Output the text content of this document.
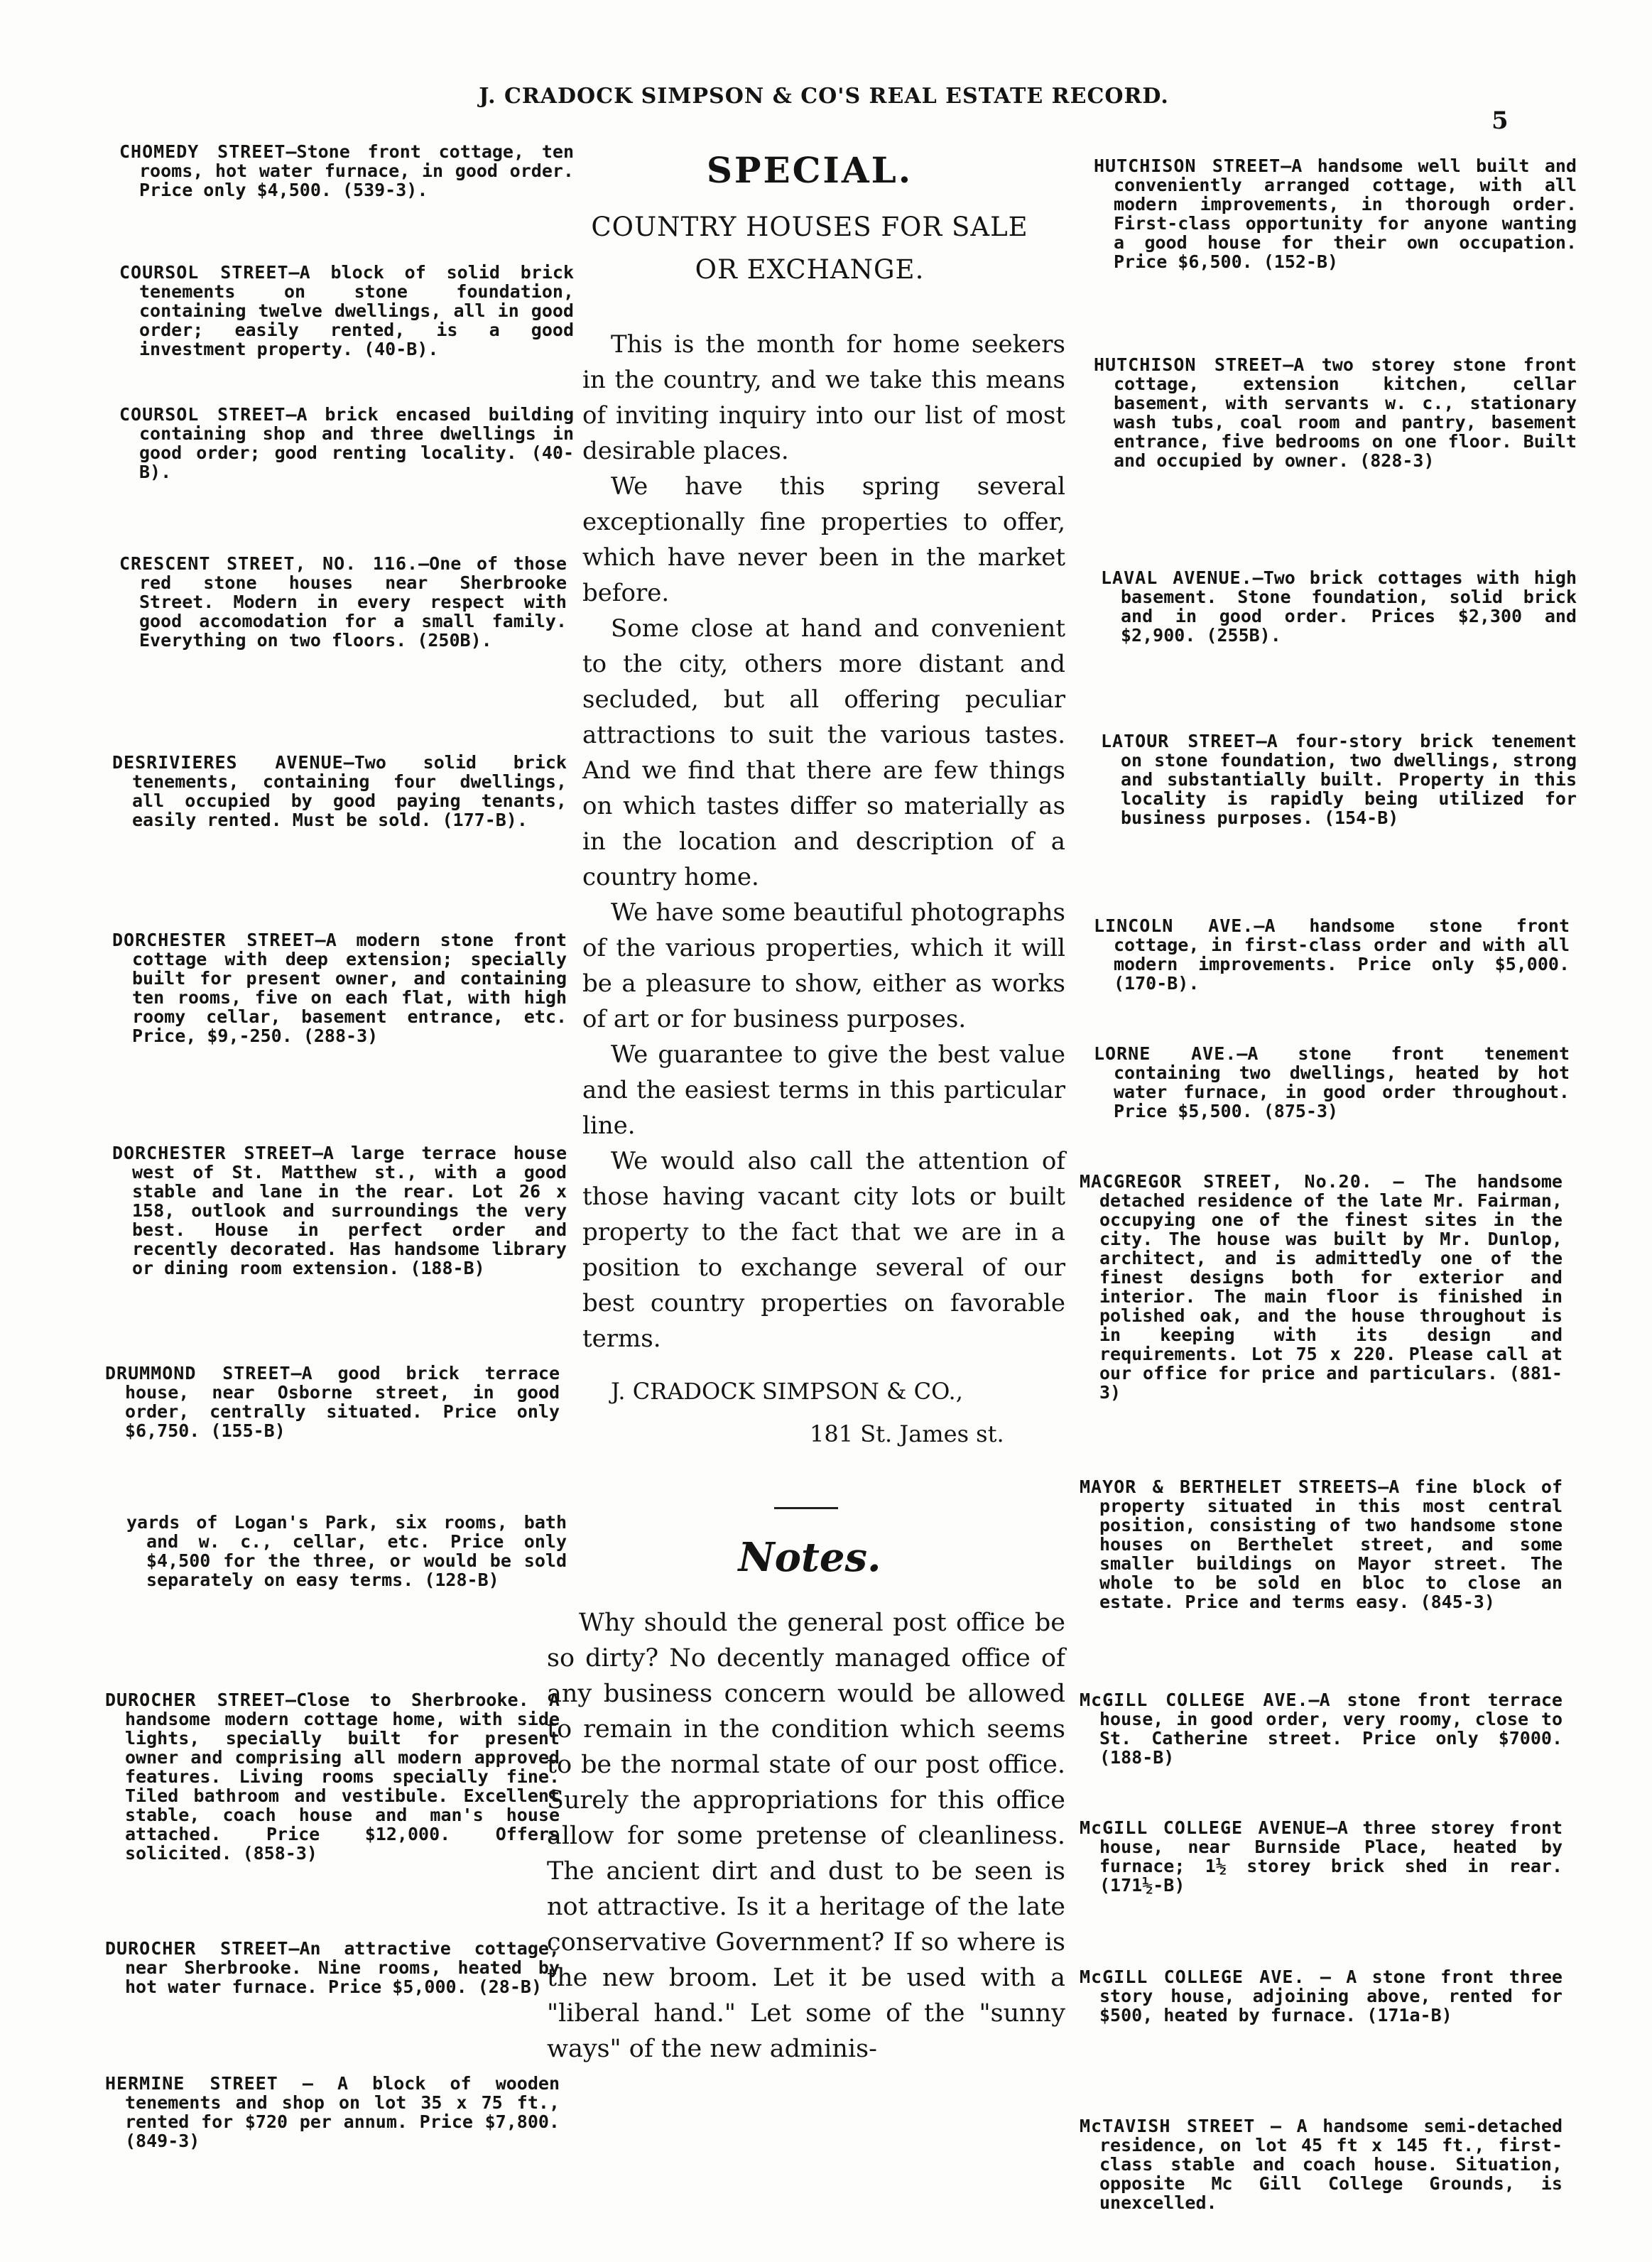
J. CRADOCK SIMPSON & CO'S REAL ESTATE RECORD.
5

CHOMEDY STREET—Stone front cottage, ten rooms, hot water furnace, in good order. Price only $4,500. (539-3).

COURSOL STREET—A block of solid brick tenements on stone foundation, containing twelve dwellings, all in good order; easily rented, is a good investment property. (40-B).

COURSOL STREET—A brick encased building containing shop and three dwellings in good order; good renting locality. (40-B).

CRESCENT STREET, NO. 116.—One of those red stone houses near Sherbrooke Street. Modern in every respect with good accomodation for a small family. Everything on two floors. (250B).

DESRIVIERES AVENUE—Two solid brick tenements, containing four dwellings, all occupied by good paying tenants, easily rented. Must be sold. (177-B).

DORCHESTER STREET—A modern stone front cottage with deep extension; specially built for present owner, and containing ten rooms, five on each flat, with high roomy cellar, basement entrance, etc. Price, $9,-250. (288-3)

DORCHESTER STREET—A large terrace house west of St. Matthew st., with a good stable and lane in the rear. Lot 26 x 158, outlook and surroundings the very best. House in perfect order and recently decorated. Has handsome library or dining room extension. (188-B)

DRUMMOND STREET—A good brick terrace house, near Osborne street, in good order, centrally situated. Price only $6,750. (155-B)

yards of Logan's Park, six rooms, bath and w. c., cellar, etc. Price only $4,500 for the three, or would be sold separately on easy terms. (128-B)

DUROCHER STREET—Close to Sherbrooke. A handsome modern cottage home, with side lights, specially built for present owner and comprising all modern approved features. Living rooms specially fine. Tiled bathroom and vestibule. Excellent stable, coach house and man's house attached. Price $12,000. Offers solicited. (858-3)

DUROCHER STREET—An attractive cottage, near Sherbrooke. Nine rooms, heated by hot water furnace. Price $5,000. (28-B)

HERMINE STREET — A block of wooden tenements and shop on lot 35 x 75 ft., rented for $720 per annum. Price $7,800. (849-3)

SPECIAL.
COUNTRY HOUSES FOR SALE
OR EXCHANGE.

This is the month for home seekers in the country, and we take this means of inviting inquiry into our list of most desirable places.

We have this spring several exceptionally fine properties to offer, which have never been in the market before.

Some close at hand and convenient to the city, others more distant and secluded, but all offering peculiar attractions to suit the various tastes. And we find that there are few things on which tastes differ so materially as in the location and description of a country home.

We have some beautiful photographs of the various properties, which it will be a pleasure to show, either as works of art or for business purposes.

We guarantee to give the best value and the easiest terms in this particular line.

We would also call the attention of those having vacant city lots or built property to the fact that we are in a position to exchange several of our best country properties on favorable terms.

J. CRADOCK SIMPSON & CO.,
181 St. James st.
Notes.

Why should the general post office be so dirty? No decently managed office of any business concern would be allowed to remain in the condition which seems to be the normal state of our post office. Surely the appropriations for this office allow for some pretense of cleanliness. The ancient dirt and dust to be seen is not attractive. Is it a heritage of the late conservative Government? If so where is the new broom. Let it be used with a "liberal hand." Let some of the "sunny ways" of the new adminis-

HUTCHISON STREET—A handsome well built and conveniently arranged cottage, with all modern improvements, in thorough order. First-class opportunity for anyone wanting a good house for their own occupation. Price $6,500. (152-B)

HUTCHISON STREET—A two storey stone front cottage, extension kitchen, cellar basement, with servants w. c., stationary wash tubs, coal room and pantry, basement entrance, five bedrooms on one floor. Built and occupied by owner. (828-3)

LAVAL AVENUE.—Two brick cottages with high basement. Stone foundation, solid brick and in good order. Prices $2,300 and $2,900. (255B).

LATOUR STREET—A four-story brick tenement on stone foundation, two dwellings, strong and substantially built. Property in this locality is rapidly being utilized for business purposes. (154-B)

LINCOLN AVE.—A handsome stone front cottage, in first-class order and with all modern improvements. Price only $5,000. (170-B).

LORNE AVE.—A stone front tenement containing two dwellings, heated by hot water furnace, in good order throughout. Price $5,500. (875-3)

MACGREGOR STREET, No.20. — The handsome detached residence of the late Mr. Fairman, occupying one of the finest sites in the city. The house was built by Mr. Dunlop, architect, and is admittedly one of the finest designs both for exterior and interior. The main floor is finished in polished oak, and the house throughout is in keeping with its design and requirements. Lot 75 x 220. Please call at our office for price and particulars. (881-3)

MAYOR & BERTHELET STREETS—A fine block of property situated in this most central position, consisting of two handsome stone houses on Berthelet street, and some smaller buildings on Mayor street. The whole to be sold en bloc to close an estate. Price and terms easy. (845-3)

McGILL COLLEGE AVE.—A stone front terrace house, in good order, very roomy, close to St. Catherine street. Price only $7000. (188-B)

McGILL COLLEGE AVENUE—A three storey front house, near Burnside Place, heated by furnace; 1½ storey brick shed in rear. (171½-B)

McGILL COLLEGE AVE. — A stone front three story house, adjoining above, rented for $500, heated by furnace. (171a-B)

McTAVISH STREET — A handsome semi-detached residence, on lot 45 ft x 145 ft., first-class stable and coach house. Situation, opposite Mc Gill College Grounds, is unexcelled.
